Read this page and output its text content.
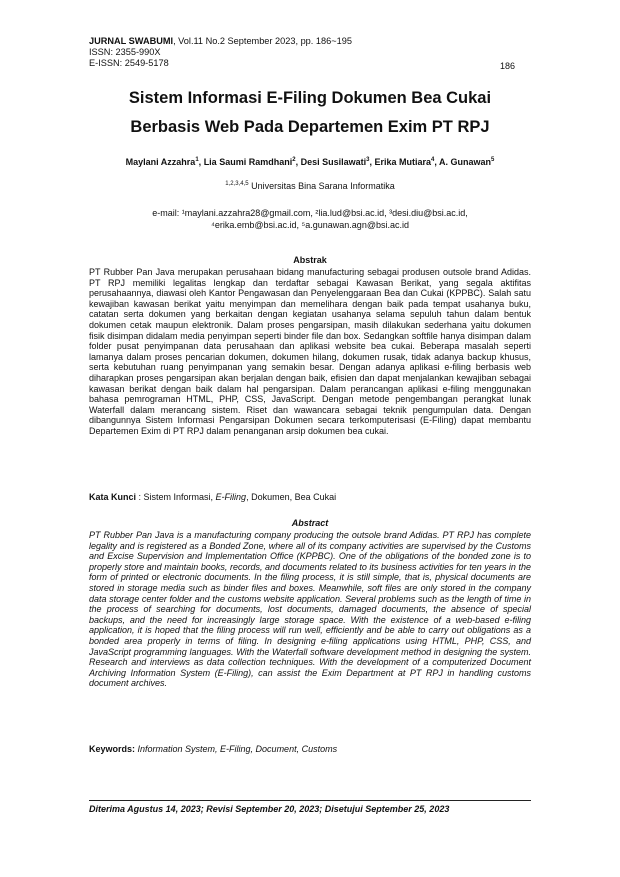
JURNAL SWABUMI, Vol.11 No.2 September 2023, pp. 186~195
ISSN: 2355-990X
E-ISSN: 2549-5178	186
Sistem Informasi E-Filing Dokumen Bea Cukai
Berbasis Web Pada Departemen Exim PT RPJ
Maylani Azzahra$^1$, Lia Saumi Ramdhani$^2$, Desi Susilawati$^3$, Erika Mutiara$^4$, A. Gunawan$^5$
$^{1,2,3,4,5}$ Universitas Bina Sarana Informatika
e-mail: ¹maylani.azzahra28@gmail.com, ²lia.lud@bsi.ac.id, ³desi.diu@bsi.ac.id,
⁴erika.emb@bsi.ac.id, ⁵a.gunawan.agn@bsi.ac.id
Abstrak
PT Rubber Pan Java merupakan perusahaan bidang manufacturing sebagai produsen outsole brand Adidas. PT RPJ memiliki legalitas lengkap dan terdaftar sebagai Kawasan Berikat, yang segala aktifitas perusahaannya, diawasi oleh Kantor Pengawasan dan Penyelenggaraan Bea dan Cukai (KPPBC). Salah satu kewajiban kawasan berikat yaitu menyimpan dan memelihara dengan baik pada tempat usahanya buku, catatan serta dokumen yang berkaitan dengan kegiatan usahanya selama sepuluh tahun dalam bentuk dokumen cetak maupun elektronik. Dalam proses pengarsipan, masih dilakukan sederhana yaitu dokumen fisik disimpan didalam media penyimpan seperti binder file dan box. Sedangkan softfile hanya disimpan dalam folder pusat penyimpanan data perusahaan dan aplikasi website bea cukai. Beberapa masalah seperti lamanya dalam proses pencarian dokumen, dokumen hilang, dokumen rusak, tidak adanya backup khusus, serta kebutuhan ruang penyimpanan yang semakin besar. Dengan adanya aplikasi e-filing berbasis web diharapkan proses pengarsipan akan berjalan dengan baik, efisien dan dapat menjalankan kewajiban sebagai kawasan berikat dengan baik dalam hal pengarsipan. Dalam perancangan aplikasi e-filing menggunakan bahasa pemrograman HTML, PHP, CSS, JavaScript. Dengan metode pengembangan perangkat lunak Waterfall dalam merancang sistem. Riset dan wawancara sebagai teknik pengumpulan data. Dengan dibangunnya Sistem Informasi Pengarsipan Dokumen secara terkomputerisasi (E-Filing) dapat membantu Departemen Exim di PT RPJ dalam penanganan arsip dokumen bea cukai.
Kata Kunci : Sistem Informasi, E-Filing, Dokumen, Bea Cukai
Abstract
PT Rubber Pan Java is a manufacturing company producing the outsole brand Adidas. PT RPJ has complete legality and is registered as a Bonded Zone, where all of its company activities are supervised by the Customs and Excise Supervision and Implementation Office (KPPBC). One of the obligations of the bonded zone is to properly store and maintain books, records, and documents related to its business activities for ten years in the form of printed or electronic documents. In the filing process, it is still simple, that is, physical documents are stored in storage media such as binder files and boxes. Meanwhile, soft files are only stored in the company data storage center folder and the customs website application. Several problems such as the length of time in the process of searching for documents, lost documents, damaged documents, the absence of special backups, and the need for increasingly large storage space. With the existence of a web-based e-filing application, it is hoped that the filing process will run well, efficiently and be able to carry out obligations as a bonded area properly in terms of filing. In designing e-filing applications using HTML, PHP, CSS, and JavaScript programming languages. With the Waterfall software development method in designing the system. Research and interviews as data collection techniques. With the development of a computerized Document Archiving Information System (E-Filing), can assist the Exim Department at PT RPJ in handling customs document archives.
Keywords: Information System, E-Filing, Document, Customs
Diterima Agustus 14, 2023; Revisi September 20, 2023; Disetujui September 25, 2023
